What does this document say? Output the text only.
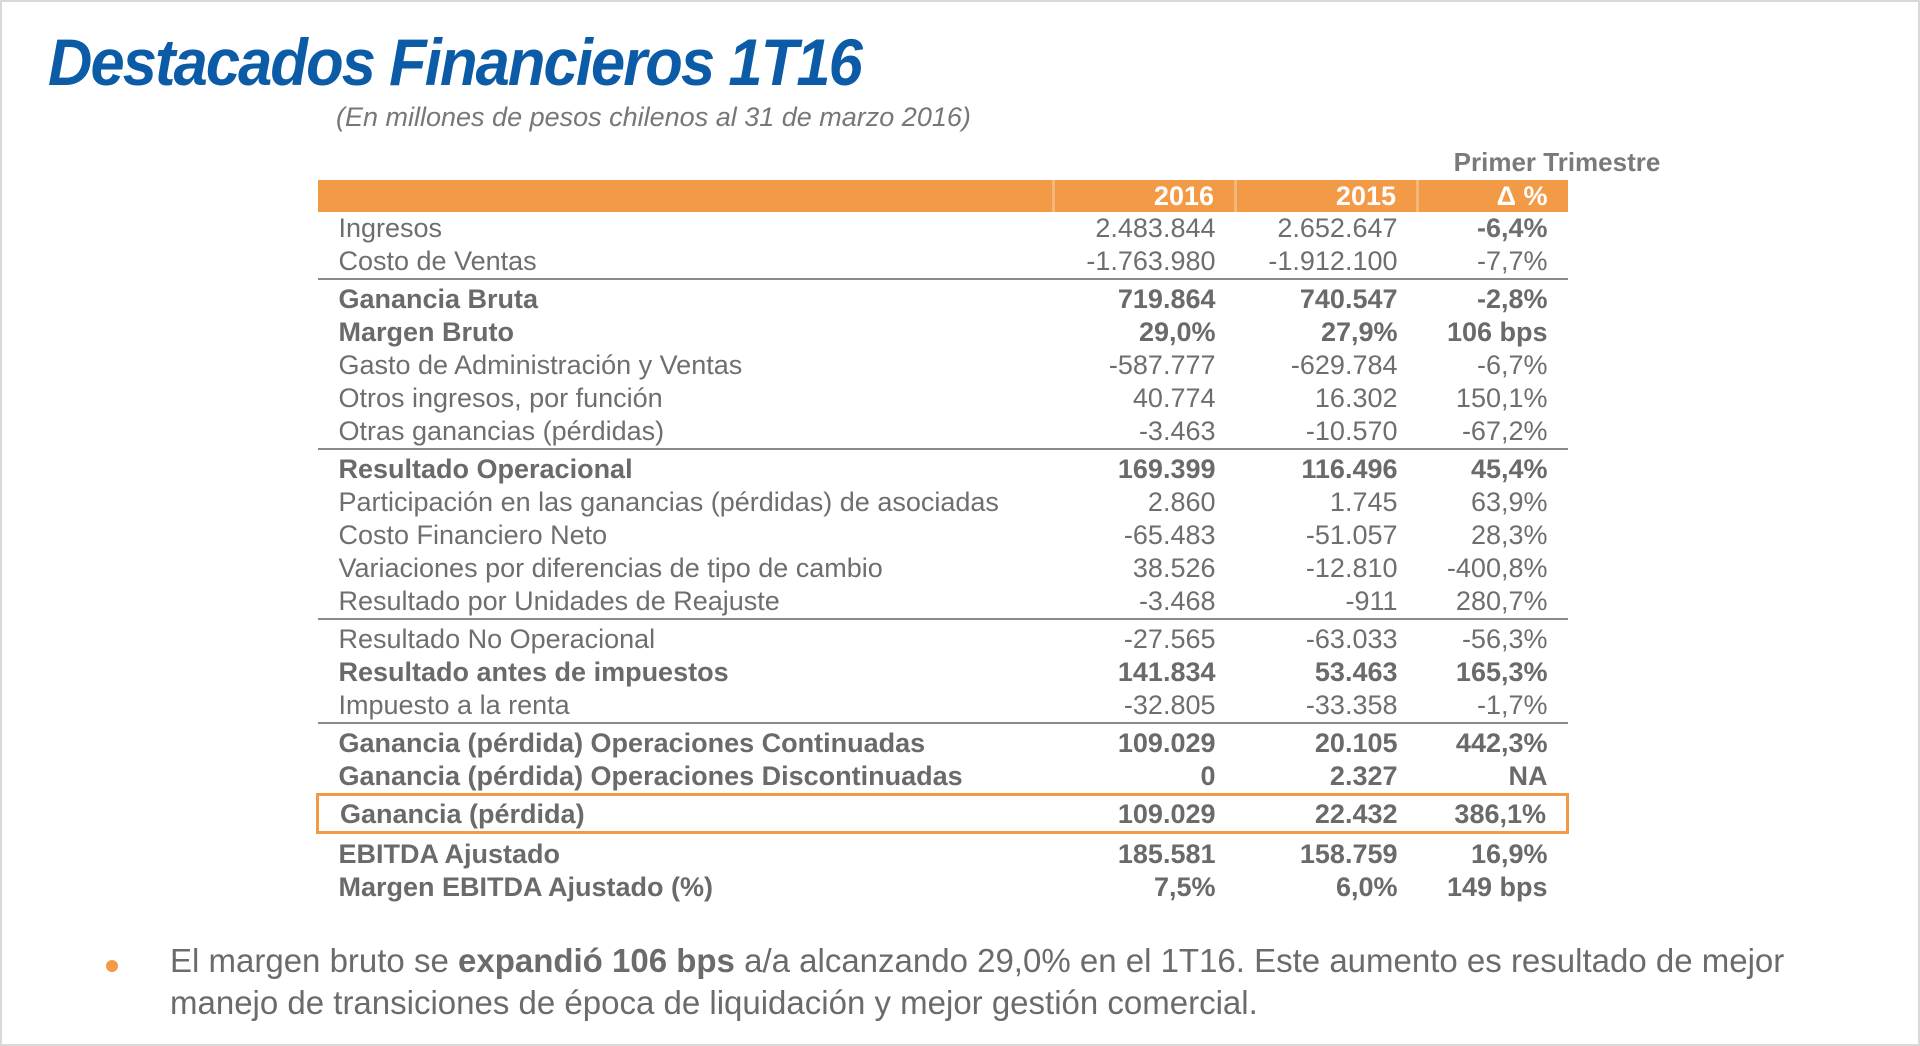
Destacados Financieros 1T16
(En millones de pesos chilenos al 31 de marzo 2016)
Primer Trimestre
	2016	2015	Δ %
Ingresos	2.483.844	2.652.647	-6,4%
Costo de Ventas	-1.763.980	-1.912.100	-7,7%
Ganancia Bruta	719.864	740.547	-2,8%
Margen Bruto	29,0%	27,9%	106 bps
Gasto de Administración y Ventas	-587.777	-629.784	-6,7%
Otros ingresos, por función	40.774	16.302	150,1%
Otras ganancias (pérdidas)	-3.463	-10.570	-67,2%
Resultado Operacional	169.399	116.496	45,4%
Participación en las ganancias (pérdidas) de asociadas	2.860	1.745	63,9%
Costo Financiero Neto	-65.483	-51.057	28,3%
Variaciones por diferencias de tipo de cambio	38.526	-12.810	-400,8%
Resultado por Unidades de Reajuste	-3.468	-911	280,7%
Resultado No Operacional	-27.565	-63.033	-56,3%
Resultado antes de impuestos	141.834	53.463	165,3%
Impuesto a la renta	-32.805	-33.358	-1,7%
Ganancia (pérdida) Operaciones Continuadas	109.029	20.105	442,3%
Ganancia (pérdida) Operaciones Discontinuadas	0	2.327	NA
Ganancia (pérdida)	109.029	22.432	386,1%
EBITDA Ajustado	185.581	158.759	16,9%
Margen EBITDA Ajustado (%)	7,5%	6,0%	149 bps
El margen bruto se expandió 106 bps a/a alcanzando 29,0% en el 1T16. Este aumento es resultado de mejor manejo de transiciones de época de liquidación y mejor gestión comercial.
